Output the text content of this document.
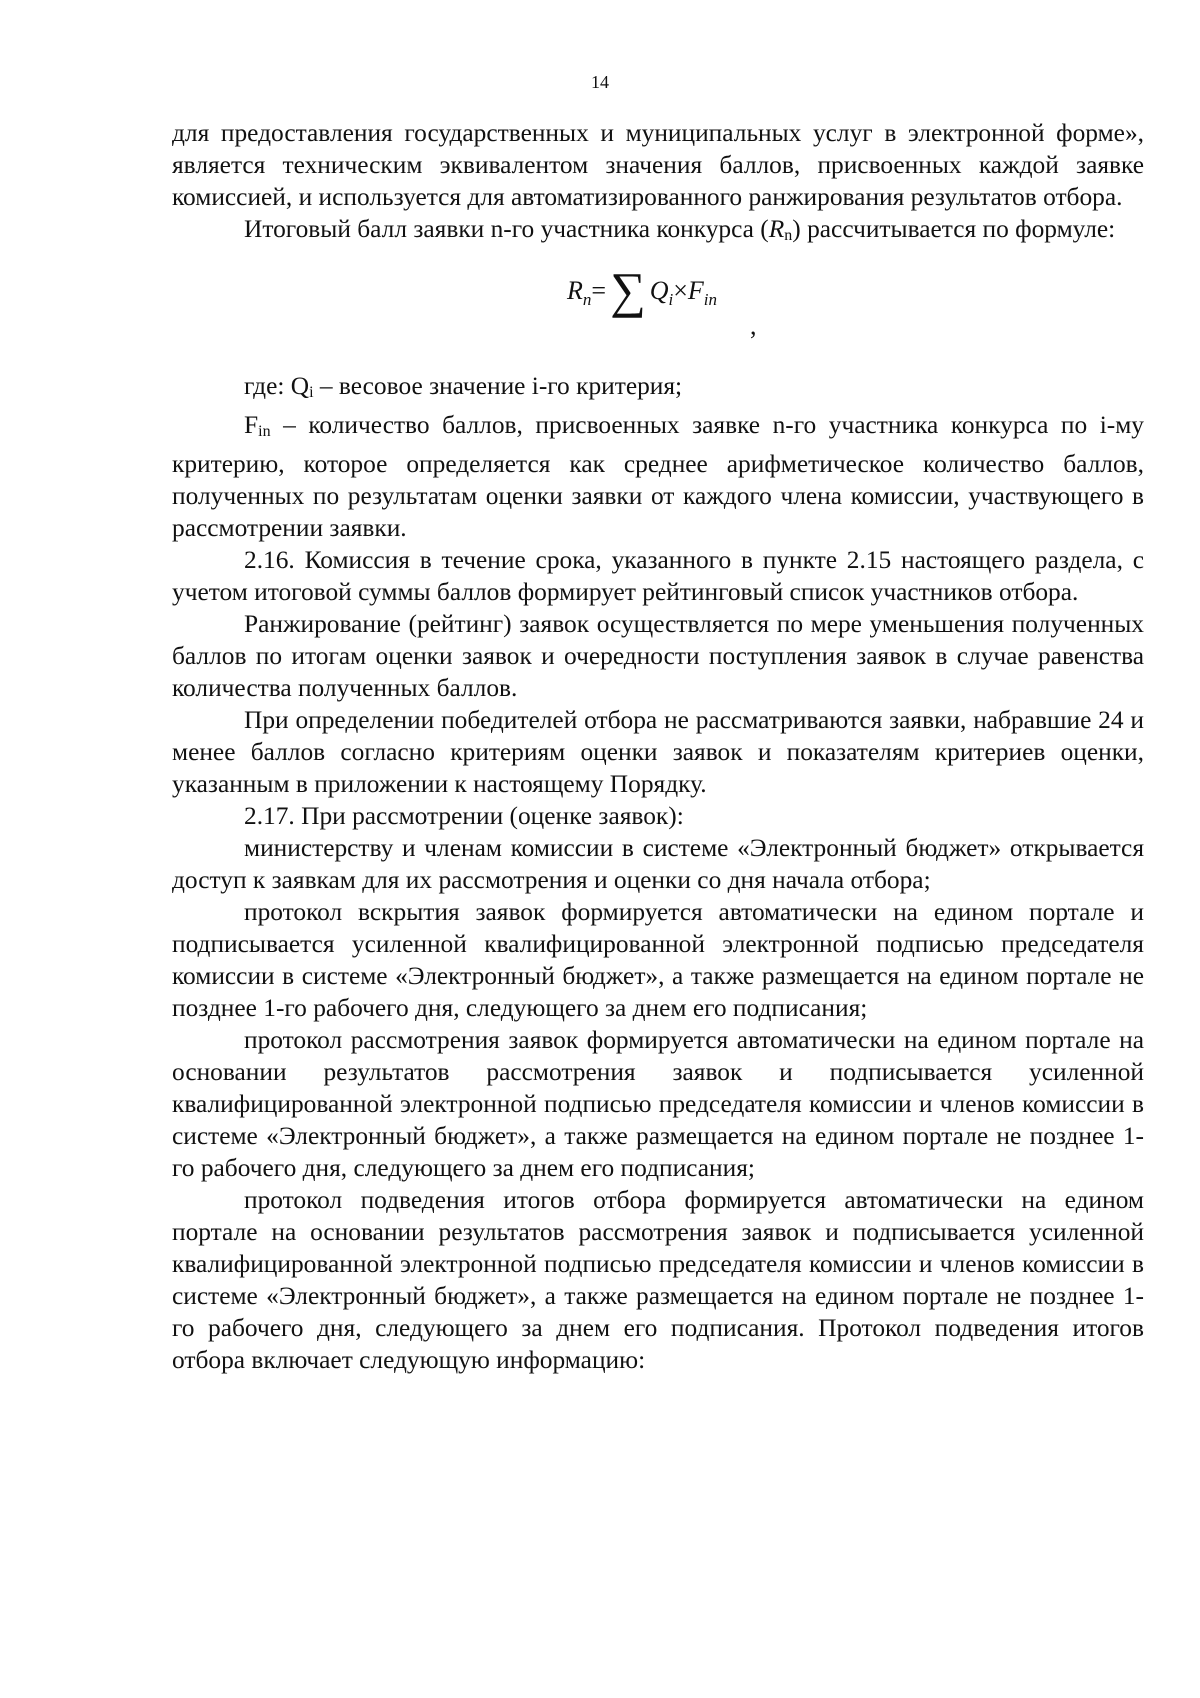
14

для предоставления государственных и муниципальных услуг в электронной форме», является техническим эквивалентом значения баллов, присвоенных каждой заявке комиссией, и используется для автоматизированного ранжирования результатов отбора.

Итоговый балл заявки n-го участника конкурса (Rn) рассчитывается по формуле:

$R_n=\sum$ $Q_i\times F_{in}$
,

где: Qi – весовое значение i-го критерия;

Fin – количество баллов, присвоенных заявке n-го участника конкурса по i-му критерию, которое определяется как среднее арифметическое количество баллов, полученных по результатам оценки заявки от каждого члена комиссии, участвующего в рассмотрении заявки.

2.16. Комиссия в течение срока, указанного в пункте 2.15 настоящего раздела, с учетом итоговой суммы баллов формирует рейтинговый список участников отбора.

Ранжирование (рейтинг) заявок осуществляется по мере уменьшения полученных баллов по итогам оценки заявок и очередности поступления заявок в случае равенства количества полученных баллов.

При определении победителей отбора не рассматриваются заявки, набравшие 24 и менее баллов согласно критериям оценки заявок и показателям критериев оценки, указанным в приложении к настоящему Порядку.

2.17. При рассмотрении (оценке заявок):

министерству и членам комиссии в системе «Электронный бюджет» открывается доступ к заявкам для их рассмотрения и оценки со дня начала отбора;

протокол вскрытия заявок формируется автоматически на едином портале и подписывается усиленной квалифицированной электронной подписью председателя комиссии в системе «Электронный бюджет», а также размещается на едином портале не позднее 1-го рабочего дня, следующего за днем его подписания;

протокол рассмотрения заявок формируется автоматически на едином портале на основании результатов рассмотрения заявок и подписывается усиленной квалифицированной электронной подписью председателя комиссии и членов комиссии в системе «Электронный бюджет», а также размещается на едином портале не позднее 1-го рабочего дня, следующего за днем его подписания;

протокол подведения итогов отбора формируется автоматически на едином портале на основании результатов рассмотрения заявок и подписывается усиленной квалифицированной электронной подписью председателя комиссии и членов комиссии в системе «Электронный бюджет», а также размещается на едином портале не позднее 1-го рабочего дня, следующего за днем его подписания. Протокол подведения итогов отбора включает следующую информацию:
